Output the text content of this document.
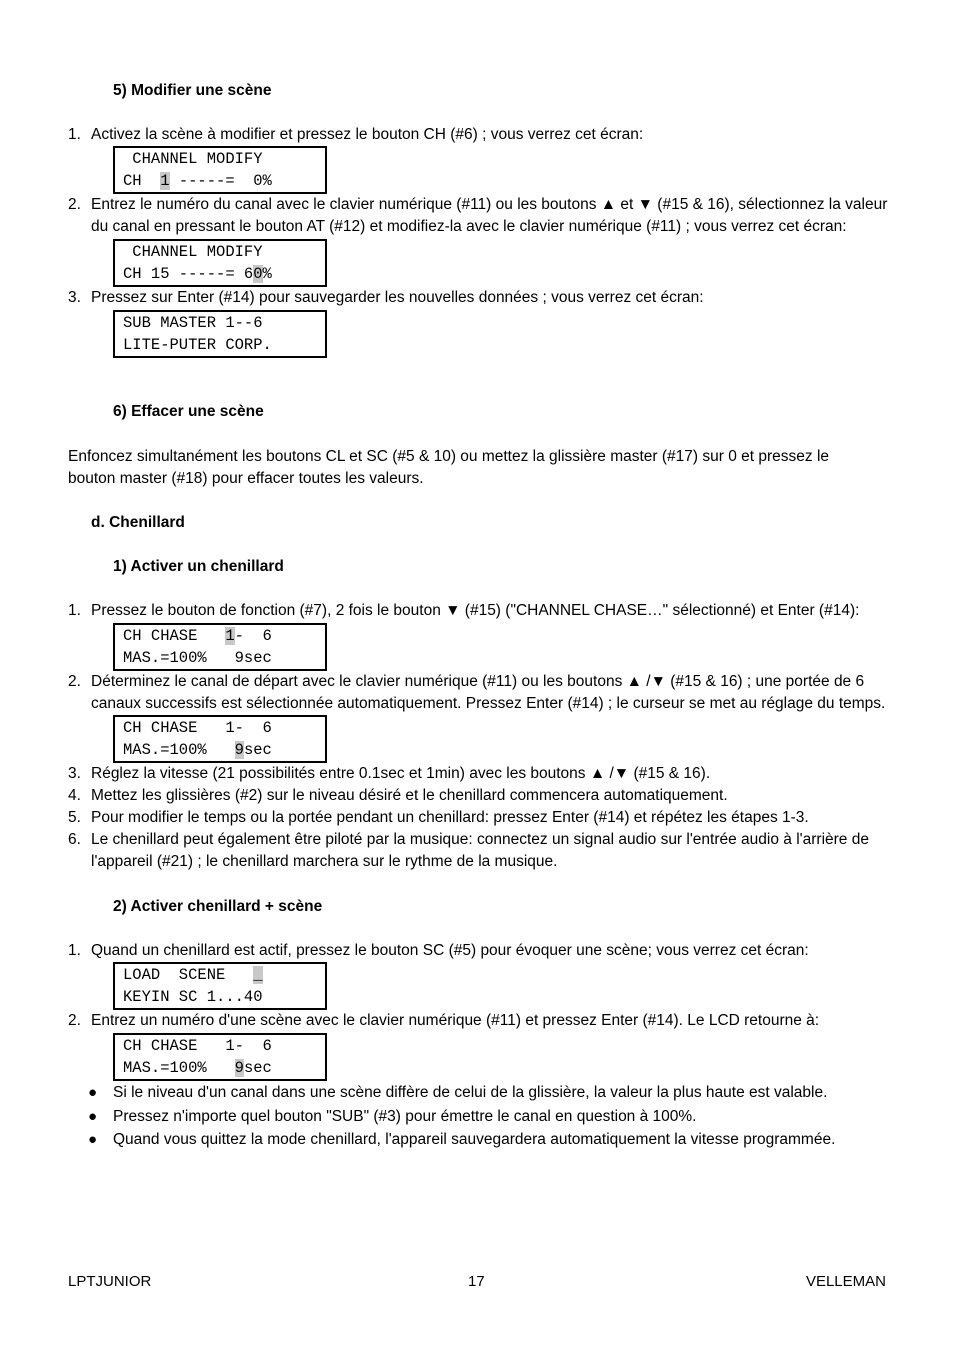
5) Modifier une scène
1. Activez la scène à modifier et pressez le bouton CH (#6) ; vous verrez cet écran:
CHANNEL MODIFY
CH  1 -----=  0%
2. Entrez le numéro du canal avec le clavier numérique (#11) ou les boutons ▲ et ▼ (#15 & 16), sélectionnez la valeur
du canal en pressant le bouton AT (#12) et modifiez-la avec le clavier numérique (#11) ; vous verrez cet écran:
CHANNEL MODIFY
CH 15 -----= 60%
3. Pressez sur Enter (#14) pour sauvegarder les nouvelles données ; vous verrez cet écran:
SUB MASTER 1--6
LITE-PUTER CORP.
6) Effacer une scène
Enfoncez simultanément les boutons CL et SC (#5 & 10) ou mettez la glissière master (#17) sur 0 et pressez le
bouton master (#18) pour effacer toutes les valeurs.
d. Chenillard
1) Activer un chenillard
1. Pressez le bouton de fonction (#7), 2 fois le bouton ▼ (#15) ("CHANNEL CHASE…" sélectionné) et Enter (#14):
CH CHASE   1-  6
MAS.=100%   9sec
2. Déterminez le canal de départ avec le clavier numérique (#11) ou les boutons ▲ /▼ (#15 & 16) ; une portée de 6
canaux successifs est sélectionnée automatiquement. Pressez Enter (#14) ; le curseur se met au réglage du temps.
CH CHASE   1-  6
MAS.=100%   9sec
3. Réglez la vitesse (21 possibilités entre 0.1sec et 1min) avec les boutons ▲ /▼ (#15 & 16).
4. Mettez les glissières (#2) sur le niveau désiré et le chenillard commencera automatiquement.
5. Pour modifier le temps ou la portée pendant un chenillard: pressez Enter (#14) et répétez les étapes 1-3.
6. Le chenillard peut également être piloté par la musique: connectez un signal audio sur l'entrée audio à l'arrière de
l'appareil (#21) ; le chenillard marchera sur le rythme de la musique.
2) Activer chenillard + scène
1. Quand un chenillard est actif, pressez le bouton SC (#5) pour évoquer une scène; vous verrez cet écran:
LOAD  SCENE   _
KEYIN SC 1...40
2. Entrez un numéro d'une scène avec le clavier numérique (#11) et pressez Enter (#14). Le LCD retourne à:
CH CHASE   1-  6
MAS.=100%   9sec
● Si le niveau d'un canal dans une scène diffère de celui de la glissière, la valeur la plus haute est valable.
● Pressez n'importe quel bouton "SUB" (#3) pour émettre le canal en question à 100%.
● Quand vous quittez la mode chenillard, l'appareil sauvegardera automatiquement la vitesse programmée.
LPTJUNIOR	17	VELLEMAN
